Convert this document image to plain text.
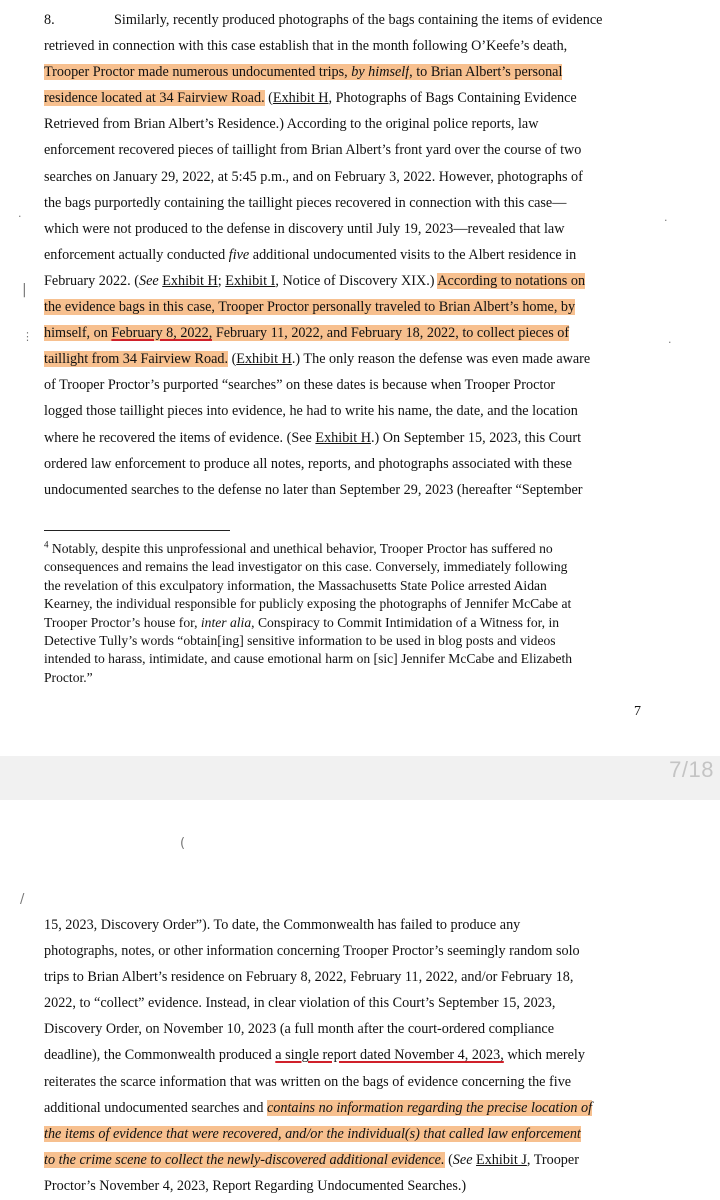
8.	Similarly, recently produced photographs of the bags containing the items of evidence
retrieved in connection with this case establish that in the month following O’Keefe’s death,
Trooper Proctor made numerous undocumented trips, by himself, to Brian Albert’s personal
residence located at 34 Fairview Road. (Exhibit H, Photographs of Bags Containing Evidence
Retrieved from Brian Albert’s Residence.) According to the original police reports, law
enforcement recovered pieces of taillight from Brian Albert’s front yard over the course of two
searches on January 29, 2022, at 5:45 p.m., and on February 3, 2022. However, photographs of
the bags purportedly containing the taillight pieces recovered in connection with this case—
which were not produced to the defense in discovery until July 19, 2023—revealed that law
enforcement actually conducted five additional undocumented visits to the Albert residence in
February 2022. (See Exhibit H; Exhibit I, Notice of Discovery XIX.) According to notations on
the evidence bags in this case, Trooper Proctor personally traveled to Brian Albert’s home, by
himself, on February 8, 2022, February 11, 2022, and February 18, 2022, to collect pieces of
taillight from 34 Fairview Road. (Exhibit H.) The only reason the defense was even made aware
of Trooper Proctor’s purported “searches” on these dates is because when Trooper Proctor
logged those taillight pieces into evidence, he had to write his name, the date, and the location
where he recovered the items of evidence. (See Exhibit H.) On September 15, 2023, this Court
ordered law enforcement to produce all notes, reports, and photographs associated with these
undocumented searches to the defense no later than September 29, 2023 (hereafter “September
$^4$ Notably, despite this unprofessional and unethical behavior, Trooper Proctor has suffered no
consequences and remains the lead investigator on this case. Conversely, immediately following
the revelation of this exculpatory information, the Massachusetts State Police arrested Aidan
Kearney, the individual responsible for publicly exposing the photographs of Jennifer McCabe at
Trooper Proctor’s house for, inter alia, Conspiracy to Commit Intimidation of a Witness for, in
Detective Tully’s words “obtain[ing] sensitive information to be used in blog posts and videos
intended to harass, intimidate, and cause emotional harm on [sic] Jennifer McCabe and Elizabeth
Proctor.”
7
·
|
⋮
·
·
7/18
15, 2023, Discovery Order”). To date, the Commonwealth has failed to produce any
photographs, notes, or other information concerning Trooper Proctor’s seemingly random solo
trips to Brian Albert’s residence on February 8, 2022, February 11, 2022, and/or February 18,
2022, to “collect” evidence. Instead, in clear violation of this Court’s September 15, 2023,
Discovery Order, on November 10, 2023 (a full month after the court-ordered compliance
deadline), the Commonwealth produced a single report dated November 4, 2023, which merely
reiterates the scarce information that was written on the bags of evidence concerning the five
additional undocumented searches and contains no information regarding the precise location of
the items of evidence that were recovered, and/or the individual(s) that called law enforcement
to the crime scene to collect the newly-discovered additional evidence. (See Exhibit J, Trooper
Proctor’s November 4, 2023, Report Regarding Undocumented Searches.)
(
/
